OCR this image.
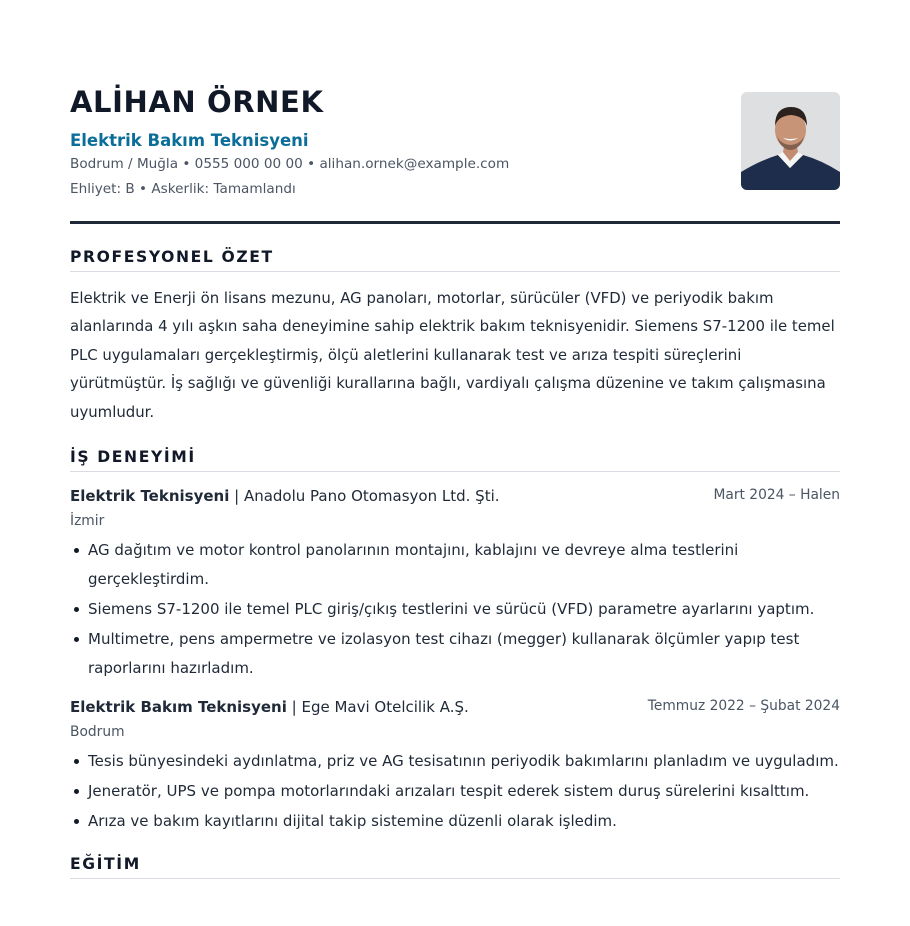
ALİHAN ÖRNEK
Elektrik Bakım Teknisyeni
Bodrum / Muğla • 0555 000 00 00 • alihan.ornek@example.com
Ehliyet: B • Askerlik: Tamamlandı
PROFESYONEL ÖZET

Elektrik ve Enerji ön lisans mezunu, AG panoları, motorlar, sürücüler (VFD) ve periyodik bakım alanlarında 4 yılı aşkın saha deneyimine sahip elektrik bakım teknisyenidir. Siemens S7-1200 ile temel PLC uygulamaları gerçekleştirmiş, ölçü aletlerini kullanarak test ve arıza tespiti süreçlerini yürütmüştür. İş sağlığı ve güvenliği kurallarına bağlı, vardiyalı çalışma düzenine ve takım çalışmasına uyumludur.

İŞ DENEYİMİ
Elektrik Teknisyeni | Anadolu Pano Otomasyon Ltd. Şti.	Mart 2024 – Halen
İzmir
AG dağıtım ve motor kontrol panolarının montajını, kablajını ve devreye alma testlerini gerçekleştirdim.
Siemens S7-1200 ile temel PLC giriş/çıkış testlerini ve sürücü (VFD) parametre ayarlarını yaptım.
Multimetre, pens ampermetre ve izolasyon test cihazı (megger) kullanarak ölçümler yapıp test raporlarını hazırladım.
Elektrik Bakım Teknisyeni | Ege Mavi Otelcilik A.Ş.	Temmuz 2022 – Şubat 2024
Bodrum
Tesis bünyesindeki aydınlatma, priz ve AG tesisatının periyodik bakımlarını planladım ve uyguladım.
Jeneratör, UPS ve pompa motorlarındaki arızaları tespit ederek sistem duruş sürelerini kısalttım.
Arıza ve bakım kayıtlarını dijital takip sistemine düzenli olarak işledim.
EĞİTİM
